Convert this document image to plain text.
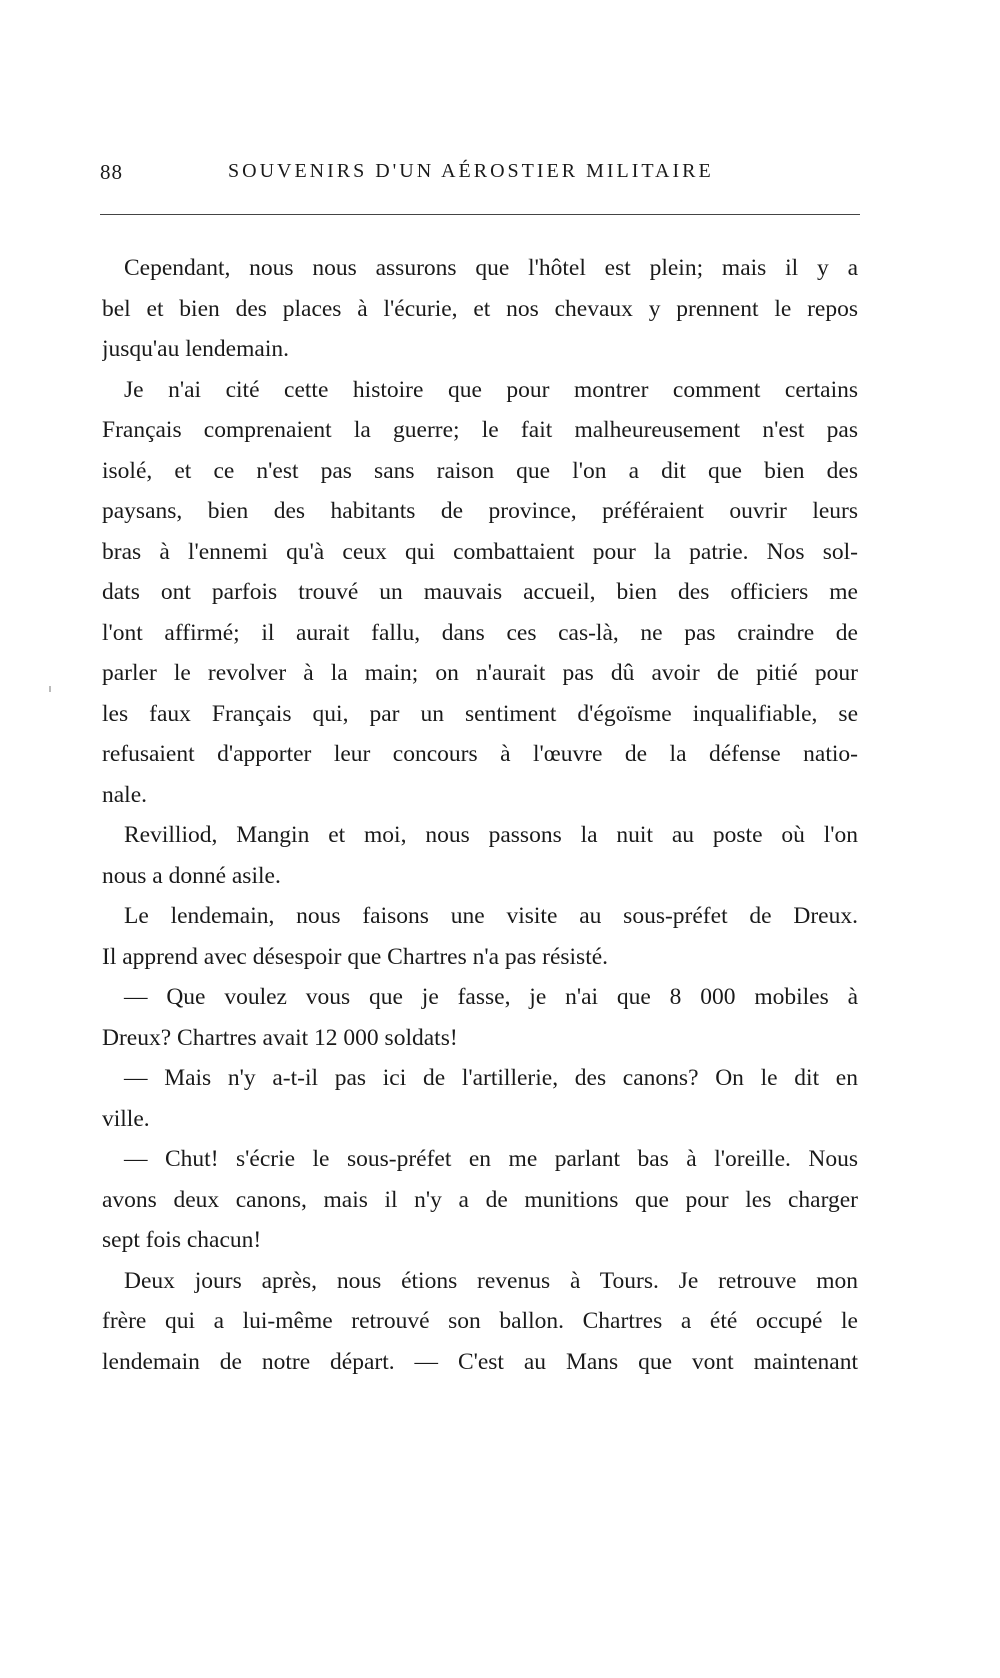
88	SOUVENIRS D'UN AÉROSTIER MILITAIRE
Cependant, nous nous assurons que l'hôtel est plein; mais il y a
bel et bien des places à l'écurie, et nos chevaux y prennent le repos
jusqu'au lendemain.
Je n'ai cité cette histoire que pour montrer comment certains
Français comprenaient la guerre; le fait malheureusement n'est pas
isolé, et ce n'est pas sans raison que l'on a dit que bien des
paysans, bien des habitants de province, préféraient ouvrir leurs
bras à l'ennemi qu'à ceux qui combattaient pour la patrie. Nos sol-
dats ont parfois trouvé un mauvais accueil, bien des officiers me
l'ont affirmé; il aurait fallu, dans ces cas-là, ne pas craindre de
parler le revolver à la main; on n'aurait pas dû avoir de pitié pour
les faux Français qui, par un sentiment d'égoïsme inqualifiable, se
refusaient d'apporter leur concours à l'œuvre de la défense natio-
nale.
Revilliod, Mangin et moi, nous passons la nuit au poste où l'on
nous a donné asile.
Le lendemain, nous faisons une visite au sous-préfet de Dreux.
Il apprend avec désespoir que Chartres n'a pas résisté.
— Que voulez vous que je fasse, je n'ai que 8 000 mobiles à
Dreux? Chartres avait 12 000 soldats!
— Mais n'y a-t-il pas ici de l'artillerie, des canons? On le dit en
ville.
— Chut! s'écrie le sous-préfet en me parlant bas à l'oreille. Nous
avons deux canons, mais il n'y a de munitions que pour les charger
sept fois chacun!
Deux jours après, nous étions revenus à Tours. Je retrouve mon
frère qui a lui-même retrouvé son ballon. Chartres a été occupé le
lendemain de notre départ. — C'est au Mans que vont maintenant
